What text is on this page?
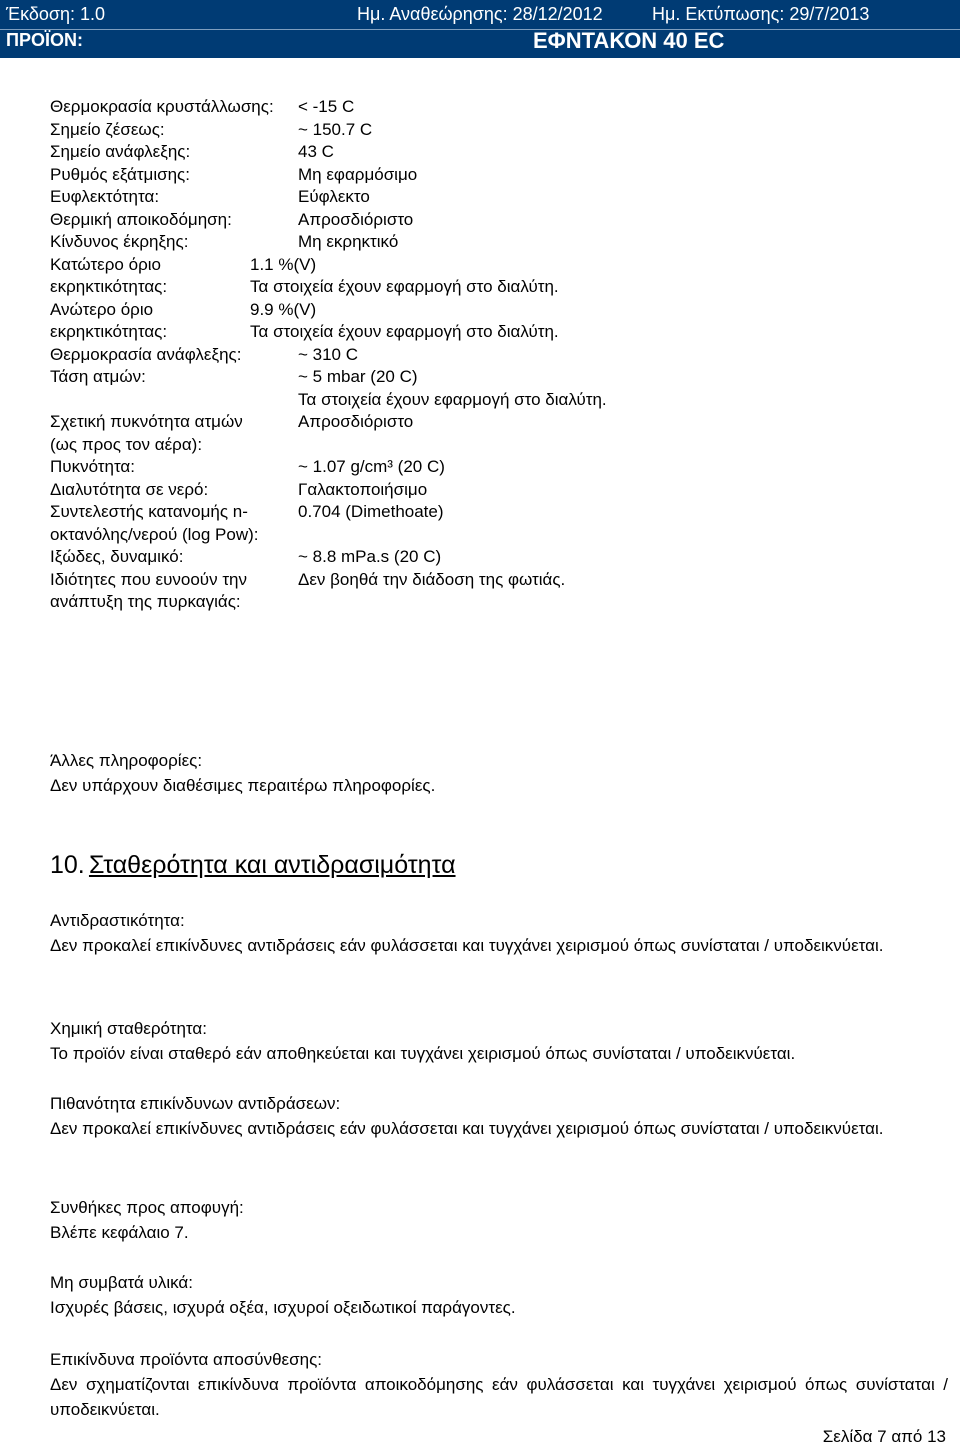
Έκδοση: 1.0	Ημ. Αναθεώρησης: 28/12/2012	Ημ. Εκτύπωσης: 29/7/2013
ΠΡΟΪΟΝ:	ΕΦΝΤΑΚΟΝ 40 EC
Θερμοκρασία κρυστάλλωσης:	< -15 C
Σημείο ζέσεως:	~ 150.7 C
Σημείο ανάφλεξης:	43 C
Ρυθμός εξάτμισης:	Μη εφαρμόσιμο
Ευφλεκτότητα:	Εύφλεκτο
Θερμική αποικοδόμηση:	Απροσδιόριστο
Κίνδυνος έκρηξης:	Μη εκρηκτικό
Κατώτερο όριο εκρηκτικότητας:
1.1 %(V)
Τα στοιχεία έχουν εφαρμογή στο διαλύτη.
Ανώτερο όριο εκρηκτικότητας:
9.9 %(V)
Τα στοιχεία έχουν εφαρμογή στο διαλύτη.
Θερμοκρασία ανάφλεξης:	~ 310 C
Τάση ατμών:	~ 5 mbar (20 C)
Τα στοιχεία έχουν εφαρμογή στο διαλύτη.
Σχετική πυκνότητα ατμών (ως προς τον αέρα):
Απροσδιόριστο
Πυκνότητα:	~ 1.07 g/cm³ (20 C)
Διαλυτότητα σε νερό:	Γαλακτοποιήσιμο
Συντελεστής κατανομής n-οκτανόλης/νερού (log Pow):
0.704 (Dimethoate)
Ιξώδες, δυναμικό:	~ 8.8 mPa.s (20 C)
Ιδιότητες που ευνοούν την ανάπτυξη της πυρκαγιάς:
Δεν βοηθά την διάδοση της φωτιάς.
Άλλες πληροφορίες:
Δεν υπάρχουν διαθέσιμες περαιτέρω πληροφορίες.
10. Σταθερότητα και αντιδρασιμότητα
Αντιδραστικότητα:
Δεν προκαλεί επικίνδυνες αντιδράσεις εάν φυλάσσεται και τυγχάνει χειρισμού όπως συνίσταται / υποδεικνύεται.
Χημική σταθερότητα:
Το προϊόν είναι σταθερό εάν αποθηκεύεται και τυγχάνει χειρισμού όπως συνίσταται / υποδεικνύεται.
Πιθανότητα επικίνδυνων αντιδράσεων:
Δεν προκαλεί επικίνδυνες αντιδράσεις εάν φυλάσσεται και τυγχάνει χειρισμού όπως συνίσταται / υποδεικνύεται.
Συνθήκες προς αποφυγή:
Βλέπε κεφάλαιο 7.
Μη συμβατά υλικά:
Ισχυρές βάσεις, ισχυρά οξέα, ισχυροί οξειδωτικοί παράγοντες.
Επικίνδυνα προϊόντα αποσύνθεσης:
Δεν σχηματίζονται επικίνδυνα προϊόντα αποικοδόμησης εάν φυλάσσεται και τυγχάνει χειρισμού όπως συνίσταται / υποδεικνύεται.
Σελίδα 7 από 13
